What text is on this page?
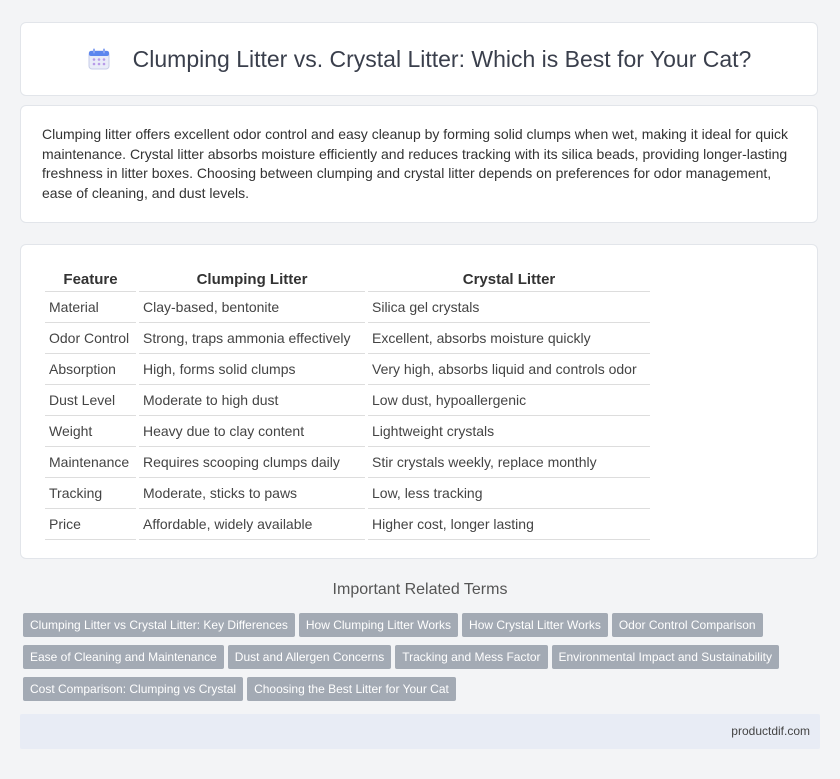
Clumping Litter vs. Crystal Litter: Which is Best for Your Cat?

Clumping litter offers excellent odor control and easy cleanup by forming solid clumps when wet, making it ideal for quick maintenance. Crystal litter absorbs moisture efficiently and reduces tracking with its silica beads, providing longer-lasting freshness in litter boxes. Choosing between clumping and crystal litter depends on preferences for odor management, ease of cleaning, and dust levels.

Feature	Clumping Litter	Crystal Litter
Material	Clay-based, bentonite	Silica gel crystals
Odor Control	Strong, traps ammonia effectively	Excellent, absorbs moisture quickly
Absorption	High, forms solid clumps	Very high, absorbs liquid and controls odor
Dust Level	Moderate to high dust	Low dust, hypoallergenic
Weight	Heavy due to clay content	Lightweight crystals
Maintenance	Requires scooping clumps daily	Stir crystals weekly, replace monthly
Tracking	Moderate, sticks to paws	Low, less tracking
Price	Affordable, widely available	Higher cost, longer lasting
Important Related Terms
Clumping Litter vs Crystal Litter: Key Differences How Clumping Litter Works How Crystal Litter Works Odor Control Comparison
Ease of Cleaning and Maintenance Dust and Allergen Concerns Tracking and Mess Factor Environmental Impact and Sustainability
Cost Comparison: Clumping vs Crystal Choosing the Best Litter for Your Cat
productdif.com
